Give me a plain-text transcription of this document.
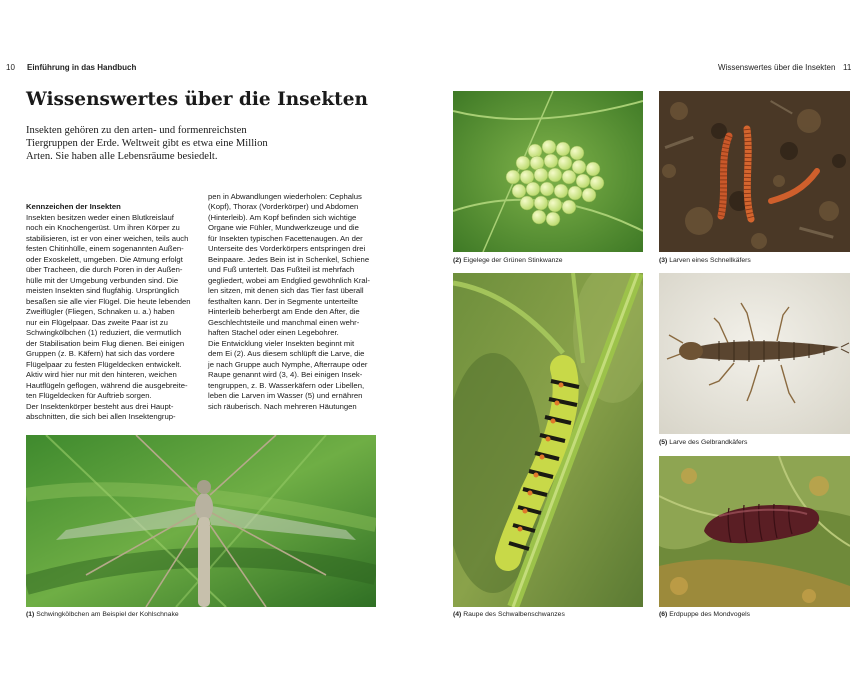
10 Einführung in das Handbuch	Wissenswertes über die Insekten 11
Wissenswertes über die Insekten
Insekten gehören zu den arten- und formenreichsten
Tiergruppen der Erde. Weltweit gibt es etwa eine Million
Arten. Sie haben alle Lebensräume besiedelt.
Kennzeichen der Insekten
Insekten besitzen weder einen Blutkreislauf
noch ein Knochengerüst. Um ihren Körper zu
stabilisieren, ist er von einer weichen, teils auch
festen Chitinhülle, einem sogenannten Außen-
oder Exoskelett, umgeben. Die Atmung erfolgt
über Tracheen, die durch Poren in der Außen-
hülle mit der Umgebung verbunden sind. Die
meisten Insekten sind flugfähig. Ursprünglich
besaßen sie alle vier Flügel. Die heute lebenden
Zweiflügler (Fliegen, Schnaken u. a.) haben
nur ein Flügelpaar. Das zweite Paar ist zu
Schwingkölbchen (1) reduziert, die vermutlich
der Stabilisation beim Flug dienen. Bei einigen
Gruppen (z. B. Käfern) hat sich das vordere
Flügelpaar zu festen Flügeldecken entwickelt.
Aktiv wird hier nur mit den hinteren, weichen
Hautflügeln geflogen, während die ausgebreite-
ten Flügeldecken für Auftrieb sorgen.
Der Insektenkörper besteht aus drei Haupt-
abschnitten, die sich bei allen Insektengrup-
pen in Abwandlungen wiederholen: Cephalus
(Kopf), Thorax (Vorderkörper) und Abdomen
(Hinterleib). Am Kopf befinden sich wichtige
Organe wie Fühler, Mundwerkzeuge und die
für Insekten typischen Facettenaugen. An der
Unterseite des Vorderkörpers entspringen drei
Beinpaare. Jedes Bein ist in Schenkel, Schiene
und Fuß untertelt. Das Fußteil ist mehrfach
gegliedert, wobei am Endglied gewöhnlich Kral-
len sitzen, mit denen sich das Tier fast überall
festhalten kann. Der in Segmente unterteilte
Hinterleib beherbergt am Ende den After, die
Geschlechtsteile und manchmal einen wehr-
haften Stachel oder einen Legebohrer.
Die Entwicklung vieler Insekten beginnt mit
dem Ei (2). Aus diesem schlüpft die Larve, die
je nach Gruppe auch Nymphe, Afterraupe oder
Raupe genannt wird (3, 4). Bei einigen Insek-
tengruppen, z. B. Wasserkäfern oder Libellen,
leben die Larven im Wasser (5) und ernähren
sich räuberisch. Nach mehreren Häutungen
(1) Schwingkölbchen am Beispiel der Kohlschnake
(2) Eigelege der Grünen Stinkwanze	(3) Larven eines Schnellkäfers
(4) Raupe des Schwalbenschwanzes
(5) Larve des Gelbrandkäfers
(6) Erdpuppe des Mondvogels
